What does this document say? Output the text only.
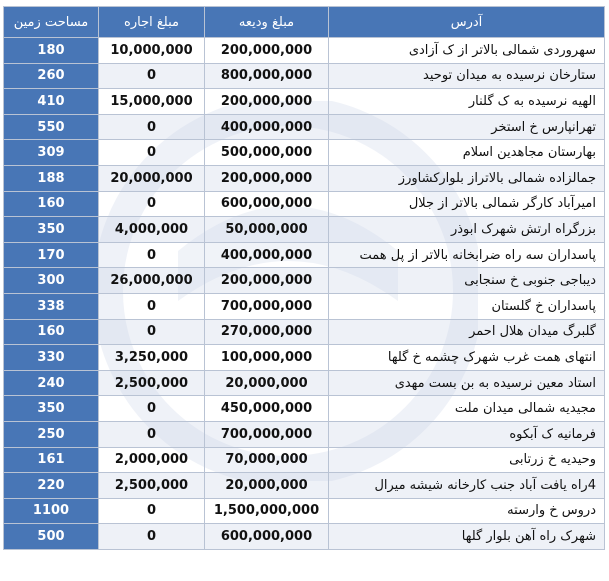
مساحت زمین	مبلغ اجاره	مبلغ ودیعه	آدرس
180	10,000,000	200,000,000	سهروردی شمالی بالاتر از ک آزادی
260	0	800,000,000	ستارخان نرسیده به میدان توحید
410	15,000,000	200,000,000	الهیه نرسیده به ک گلنار
550	0	400,000,000	تهرانپارس خ استخر
309	0	500,000,000	بهارستان مجاهدین اسلام
188	20,000,000	200,000,000	جمالزاده شمالی بالاتراز بلوارکشاورز
160	0	600,000,000	امیرآباد کارگر شمالی بالاتر از جلال
350	4,000,000	50,000,000	بزرگراه ارتش شهرک ابوذر
170	0	400,000,000	پاسداران سه راه ضرابخانه بالاتر از پل همت
300	26,000,000	200,000,000	دیباجی جنوبی خ سنجابی
338	0	700,000,000	پاسداران خ گلستان
160	0	270,000,000	گلبرگ میدان هلال احمر
330	3,250,000	100,000,000	انتهای همت غرب شهرک چشمه خ گلها
240	2,500,000	20,000,000	استاد معین نرسیده به بن بست مهدی
350	0	450,000,000	مجیدیه شمالی میدان ملت
250	0	700,000,000	فرمانیه ک آبکوه
161	2,000,000	70,000,000	وحیدیه خ زرتابی
220	2,500,000	20,000,000	4راه یافت آباد جنب کارخانه شیشه میرال
1100	0	1,500,000,000	دروس خ وارسته
500	0	600,000,000	شهرک راه آهن بلوار گلها
